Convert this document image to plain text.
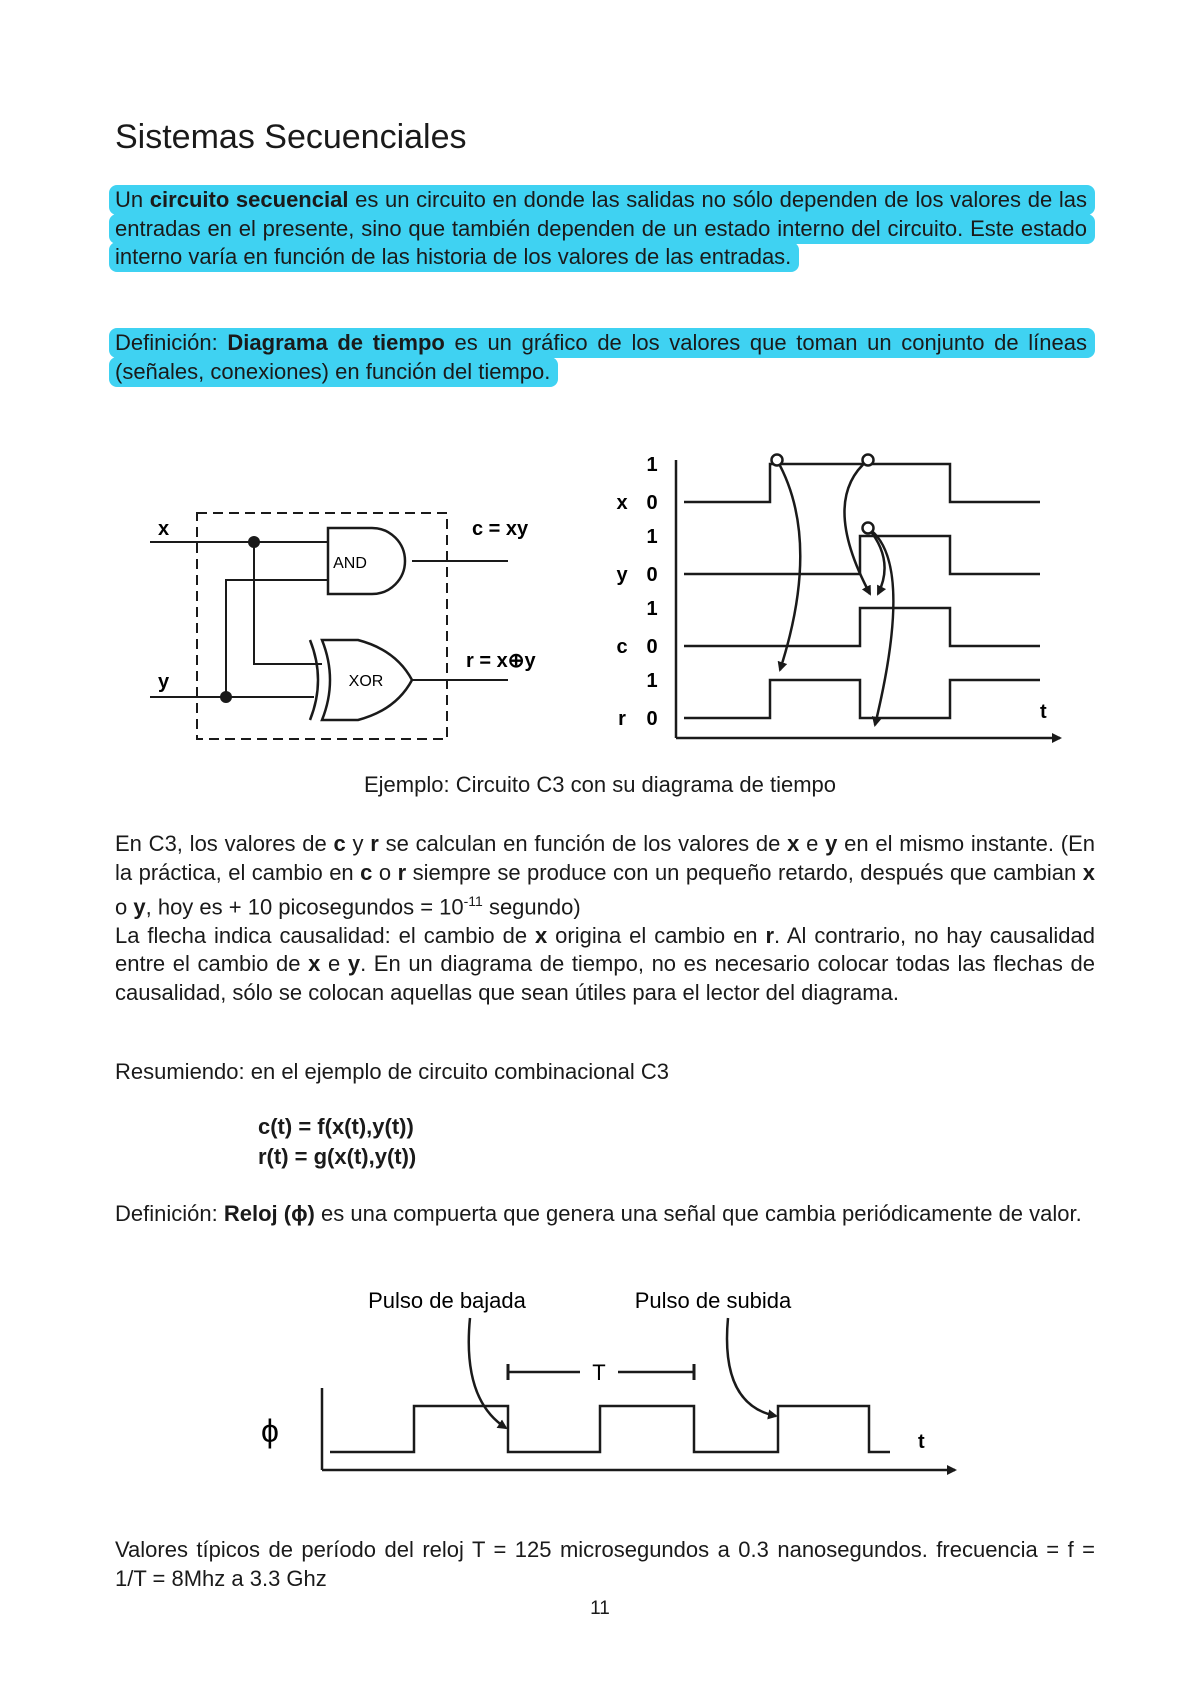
Sistemas Secuenciales

Un circuito secuencial es un circuito en donde las salidas no sólo dependen de los valores de las entradas en el presente, sino que también dependen de un estado interno del circuito. Este estado interno varía en función de las historia de los valores de las entradas.

Definición: Diagrama de tiempo es un gráfico de los valores que toman un conjunto de líneas (señales, conexiones) en función del tiempo.

x
y
AND
XOR
c = xy
r = x⊕y
1
0
x
1
0
y
1
0
c
1
0
r	t
Ejemplo: Circuito C3 con su diagrama de tiempo

En C3, los valores de c y r se calculan en función de los valores de x e y en el mismo instante. (En la práctica, el cambio en c o r siempre se produce con un pequeño retardo, después que cambian x o y, hoy es + 10 picosegundos = $10^{-11}$ segundo)
La flecha indica causalidad: el cambio de x origina el cambio en r. Al contrario, no hay causalidad entre el cambio de x e y. En un diagrama de tiempo, no es necesario colocar todas las flechas de causalidad, sólo se colocan aquellas que sean útiles para el lector del diagrama.

Resumiendo: en el ejemplo de circuito combinacional C3

c(t) = f(x(t),y(t))
r(t) = g(x(t),y(t))

Definición: Reloj (ϕ) es una compuerta que genera una señal que cambia periódicamente de valor.

Pulso de bajada	Pulso de subida
ϕ	t
T

Valores típicos de período del reloj T = 125 microsegundos a 0.3 nanosegundos. frecuencia = f = 1/T = 8Mhz a 3.3 Ghz

11
